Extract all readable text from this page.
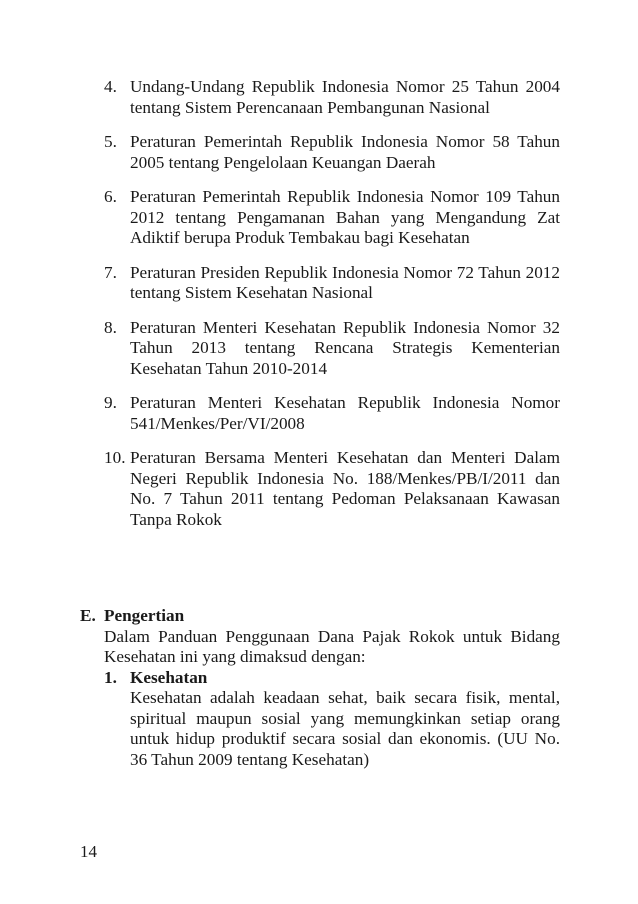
4. Undang-Undang Republik Indonesia Nomor 25 Tahun 2004 tentang Sistem Perencanaan Pembangunan Nasional
5. Peraturan Pemerintah Republik Indonesia Nomor 58 Tahun 2005 tentang Pengelolaan Keuangan Daerah
6. Peraturan Pemerintah Republik Indonesia Nomor 109 Tahun 2012 tentang Pengamanan Bahan yang Mengandung Zat Adiktif berupa Produk Tembakau bagi Kesehatan
7. Peraturan Presiden Republik Indonesia Nomor 72 Tahun 2012 tentang Sistem Kesehatan Nasional
8. Peraturan Menteri Kesehatan Republik Indonesia Nomor 32 Tahun 2013 tentang Rencana Strategis Kementerian Kesehatan Tahun 2010-2014
9. Peraturan Menteri Kesehatan Republik Indonesia Nomor 541/Menkes/Per/VI/2008
10. Peraturan Bersama Menteri Kesehatan dan Menteri Dalam Negeri Republik Indonesia No. 188/Menkes/PB/I/2011 dan No. 7 Tahun 2011 tentang Pedoman Pelaksanaan Kawasan Tanpa Rokok
E. Pengertian
Dalam Panduan Penggunaan Dana Pajak Rokok untuk Bidang Kesehatan ini yang dimaksud dengan:
1. Kesehatan
Kesehatan adalah keadaan sehat, baik secara fisik, mental, spiritual maupun sosial yang memungkinkan setiap orang untuk hidup produktif secara sosial dan ekonomis. (UU No. 36 Tahun 2009 tentang Kesehatan)
14
